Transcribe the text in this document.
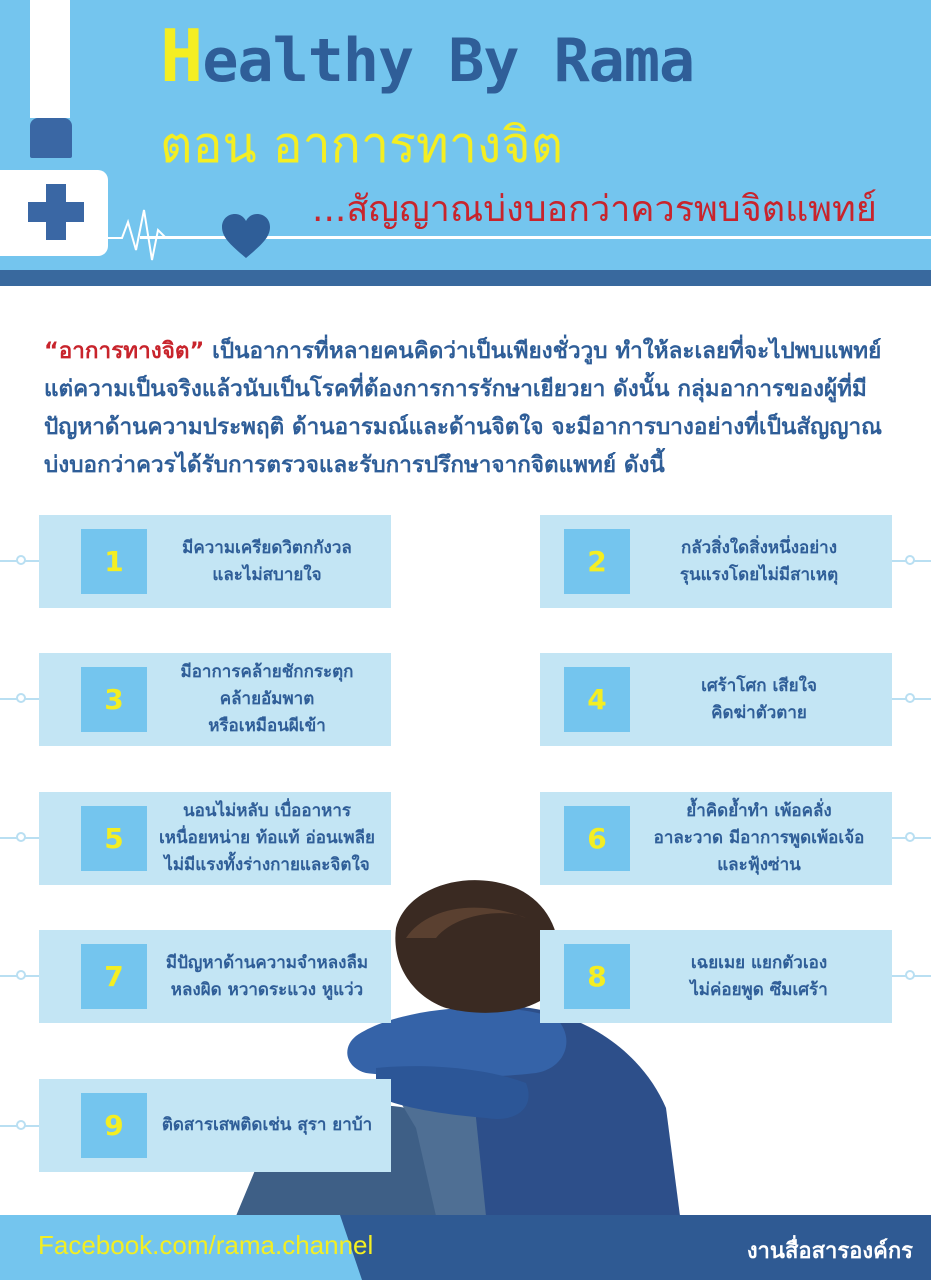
Healthy By Rama
ตอน อาการทางจิต
...สัญญาณบ่งบอกว่าควรพบจิตแพทย์

“อาการทางจิต” เป็นอาการที่หลายคนคิดว่าเป็นเพียงชั่ววูบ ทำให้ละเลยที่จะไปพบแพทย์ แต่ความเป็นจริงแล้วนับเป็นโรคที่ต้องการการรักษาเยียวยา ดังนั้น กลุ่มอาการของผู้ที่มีปัญหาด้านความประพฤติ ด้านอารมณ์และด้านจิตใจ จะมีอาการบางอย่างที่เป็นสัญญาณบ่งบอกว่าควรได้รับการตรวจและรับการปรึกษาจากจิตแพทย์ ดังนี้

1	มีความเครียดวิตกกังวล
และไม่สบายใจ	2	กลัวสิ่งใดสิ่งหนึ่งอย่าง
รุนแรงโดยไม่มีสาเหตุ
3
มีอาการคล้ายชักกระตุก
คล้ายอัมพาต
หรือเหมือนผีเข้า
4	เศร้าโศก เสียใจ
คิดฆ่าตัวตาย
5
นอนไม่หลับ เบื่ออาหาร
เหนื่อยหน่าย ท้อแท้ อ่อนเพลีย
ไม่มีแรงทั้งร่างกายและจิตใจ
6
ย้ำคิดย้ำทำ เพ้อคลั่ง
อาละวาด มีอาการพูดเพ้อเจ้อ
และฟุ้งซ่าน
7	มีปัญหาด้านความจำหลงลืม
หลงผิด หวาดระแวง หูแว่ว	8	เฉยเมย แยกตัวเอง
ไม่ค่อยพูด ซึมเศร้า
9	ติดสารเสพติดเช่น สุรา ยาบ้า
Facebook.com/rama.channel	งานสื่อสารองค์กร
